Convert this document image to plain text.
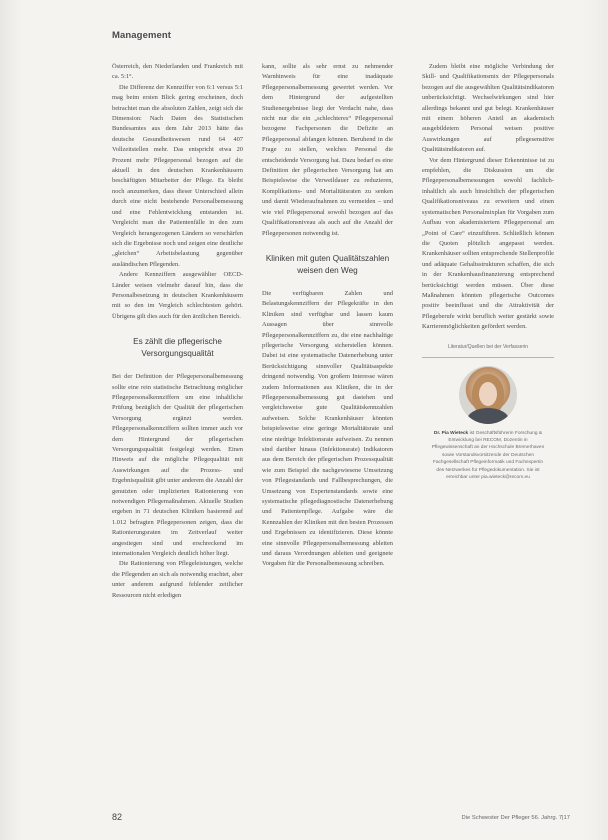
Management

Österreich, den Niederlanden und Frankreich mit ca. 5:1°.

Die Differenz der Kennziffer von 6:1 versus 5:1 mag beim ersten Blick gering erscheinen, doch betrachtet man die absoluten Zahlen, zeigt sich die Dimension: Nach Daten des Statistischen Bundesamtes aus dem Jahr 2013 hätte das deutsche Gesundheitswesen rund 64 407 Vollzeitstellen mehr. Das entspricht etwa 20 Prozent mehr Pflegepersonal bezogen auf die aktuell in den deutschen Krankenhäusern beschäftigten Mitarbeiter der Pflege. Es bleibt noch anzumerken, dass dieser Unterschied allein durch eine nicht bestehende Personalbemessung und eine Fehlentwicklung entstanden ist. Vergleicht man die Patientenfälle in den zum Vergleich herangezogenen Ländern so verschärfen sich die Ergebnisse noch und zeigen eine deutliche „gleichen“ Arbeitsbelastung gegenüber ausländischen Pflegenden.

Andere Kennziffern ausgewählter OECD-Länder weisen vielmehr darauf hin, dass die Personalbesetzung in deutschen Krankenhäusern mit so den im Vergleich schlechtesten gehört. Übrigens gilt dies auch für den ärztlichen Bereich.

Es zählt die pflegerische Versorgungsqualität

Bei der Definition der Pflegepersonalbemessung sollte eine rein statistische Betrachtung möglicher Pflegepersonalkennziffern um eine inhaltliche Prüfung bezüglich der Qualität der pflegerischen Versorgung ergänzt werden. Pflegepersonalkennziffern sollten immer auch vor dem Hintergrund der pflegerischen Versorgungsqualität festgelegt werden. Einen Hinweis auf die mögliche Pflegequalität mit Auswirkungen auf die Prozess- und Ergebnisqualität gibt unter anderem die Anzahl der genutzten oder implizierten Rationierung von notwendigen Pflegemaßnahmen. Aktuelle Studien ergeben in 71 deutschen Kliniken basierend auf 1.012 befragten Pflegepersonen zeigen, dass die Rationierungsraten im Zeitverlauf weiter angestiegen sind und erschreckend im internationalen Vergleich deutlich höher liegt.

Die Rationierung von Pflegeleistungen, welche die Pflegenden an sich als notwendig erachtet, aber unter anderem aufgrund fehlender zeitlicher Ressourcen nicht erledigen

kann, sollte als sehr ernst zu nehmender Warnhinweis für eine inadäquate Pflegepersonalbemessung gewertet werden. Vor dem Hintergrund der aufgestellten Studienergebnisse liegt der Verdacht nahe, dass nicht nur die ein „schlechteres“ Pflegepersonal bezogene Fachpersonen die Defizite an Pflegepersonal abfangen können. Beruhend in die Frage zu stellen, welches Personal die entscheidende Versorgung hat. Dazu bedarf es eine Definition der pflegerischen Versorgung hat am Beispielswise die Verweildauer zu reduzieren, Komplikations- und Mortalitätsraten zu senken und damit Wiederaufnahmen zu vermeiden – und wie viel Pflegepersonal sowohl bezogen auf das Qualifikationsniveau als auch auf die Anzahl der Pflegepersonen notwendig ist.

Kliniken mit guten Qualitätszahlen weisen den Weg

Die verfügbaren Zahlen und Belastungskennziffern der Pflegekräfte in den Kliniken sind verfügbar und lassen kaum Aussagen über sinnvolle Pflegepersonalkennziffern zu, die eine nachhaltige pflegerische Versorgung sicherstellen können. Dabei ist eine systematische Datenerhebung unter Berücksichtigung sinnvoller Qualitätsaspekte dringend notwendig. Von großem Interesse wären zudem Informationen aus Kliniken, die in der Pflegepersonalbemessung gut dastehen und vergleichsweise gute Qualitätskennzahlen aufweisen. Solche Krankenhäuser könnten beispielsweise eine geringe Mortalitätsrate und eine niedrige Infektionsrate aufweisen. Zu nennen sind darüber hinaus (Infektionsrate) Indikatoren aus dem Bereich der pflegerischen Prozessqualität wie zum Beispiel die nachgewiesene Umsetzung von Pflegestandards und Fallbesprechungen, die Umsetzung von Expertenstandards sowie eine systematische pflegediagnostische Datenerhebung und Patientenpflege. Aufgabe wäre die Kennzahlen der Kliniken mit den besten Prozessen und Ergebnissen zu identifizieren. Diese könnte eine sinnvolle Pflegepersonalbemessung ableiten und daraus Verordnungen ableiten und geeignete Vorgaben für die Personalbemessung schreiben.

Zudem bleibt eine mögliche Verbindung der Skill- und Qualifikationsmix der Pflegepersonals bezogen auf die ausgewählten Qualitätsindikatoren unberücksichtigt. Wechselwirkungen sind hier allerdings bekannt und gut belegt. Krankenhäuser mit einem höheren Anteil an akademisch ausgebildetem Personal weisen positive Auswirkungen auf pflegesensitive Qualitätsindikatoren auf.

Vor dem Hintergrund dieser Erkenntnisse ist zu empfehlen, die Diskussion um die Pflegepersonalbemessungen sowohl fachlich-inhaltlich als auch hinsichtlich der pflegerischen Qualifikationsniveaus zu erweitern und einen systematischen Personalmixplan für Vorgaben zum Aufbau von akademisiertem Pflegepersonal am „Point of Care“ einzuführen. Schließlich können die Quoten plötzlich angepasst werden. Krankenhäuser sollten entsprechende Stellenprofile und adäquate Gehaltsstrukturen schaffen, die sich in der Krankenhausfinanzierung entsprechend berücksichtigt werden müssen. Über diese Maßnahmen könnten pflegerische Outcomes positiv beeinflusst und die Attraktivität der Pflegeberufe wirkt beruflich weiter gestärkt sowie Karrieremöglichkeiten gefördert werden.

Literatur/Quellen bei der Verfasserin
Dr. Pia Wieteck ist Geschäftsführerin Forschung & Entwicklung bei RECOM, Dozentin in Pflegewissenschaft an der Hochschule Bremerhaven sowie Vorstandsvorsitzende der Deutschen Fachgesellschaft Pflegeinformatik und Fachexpertin des Netzwerkes für Pflegedokumentation. Sie ist erreichbar unter pia.wieteck@recom.eu
82	Die Schwester Der Pfleger 56. Jahrg. 7|17
